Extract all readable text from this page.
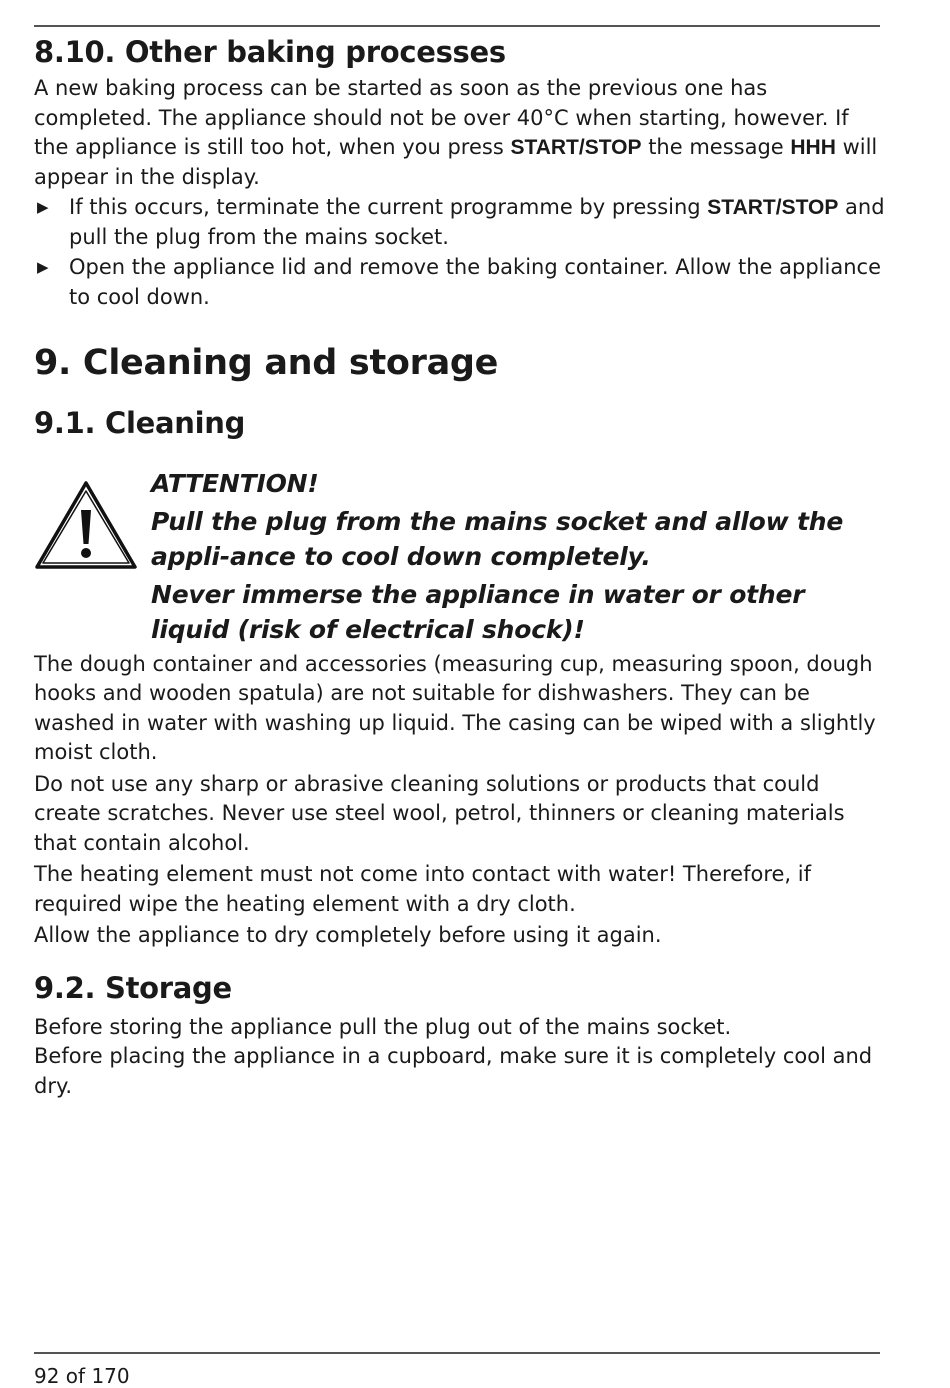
8.10. Other baking processes

A new baking process can be started as soon as the previous one has completed. The appliance should not be over 40°C when starting, however. If the appliance is still too hot, when you press START/STOP the message HHH will appear in the display.

▶ If this occurs, terminate the current programme by pressing START/STOP and pull the plug from the mains socket.
▶ Open the appliance lid and remove the baking container. Allow the appliance to cool down.
9. Cleaning and storage
9.1. Cleaning

ATTENTION!

Pull the plug from the mains socket and allow the appli-ance to cool down completely.

Never immerse the appliance in water or other liquid (risk of electrical shock)!

The dough container and accessories (measuring cup, measuring spoon, dough hooks and wooden spatula) are not suitable for dishwashers. They can be washed in water with washing up liquid. The casing can be wiped with a slightly moist cloth.

Do not use any sharp or abrasive cleaning solutions or products that could create scratches. Never use steel wool, petrol, thinners or cleaning materials that contain alcohol.

The heating element must not come into contact with water! Therefore, if required wipe the heating element with a dry cloth.

Allow the appliance to dry completely before using it again.

9.2. Storage

Before storing the appliance pull the plug out of the mains socket.

Before placing the appliance in a cupboard, make sure it is completely cool and dry.

92 of 170
